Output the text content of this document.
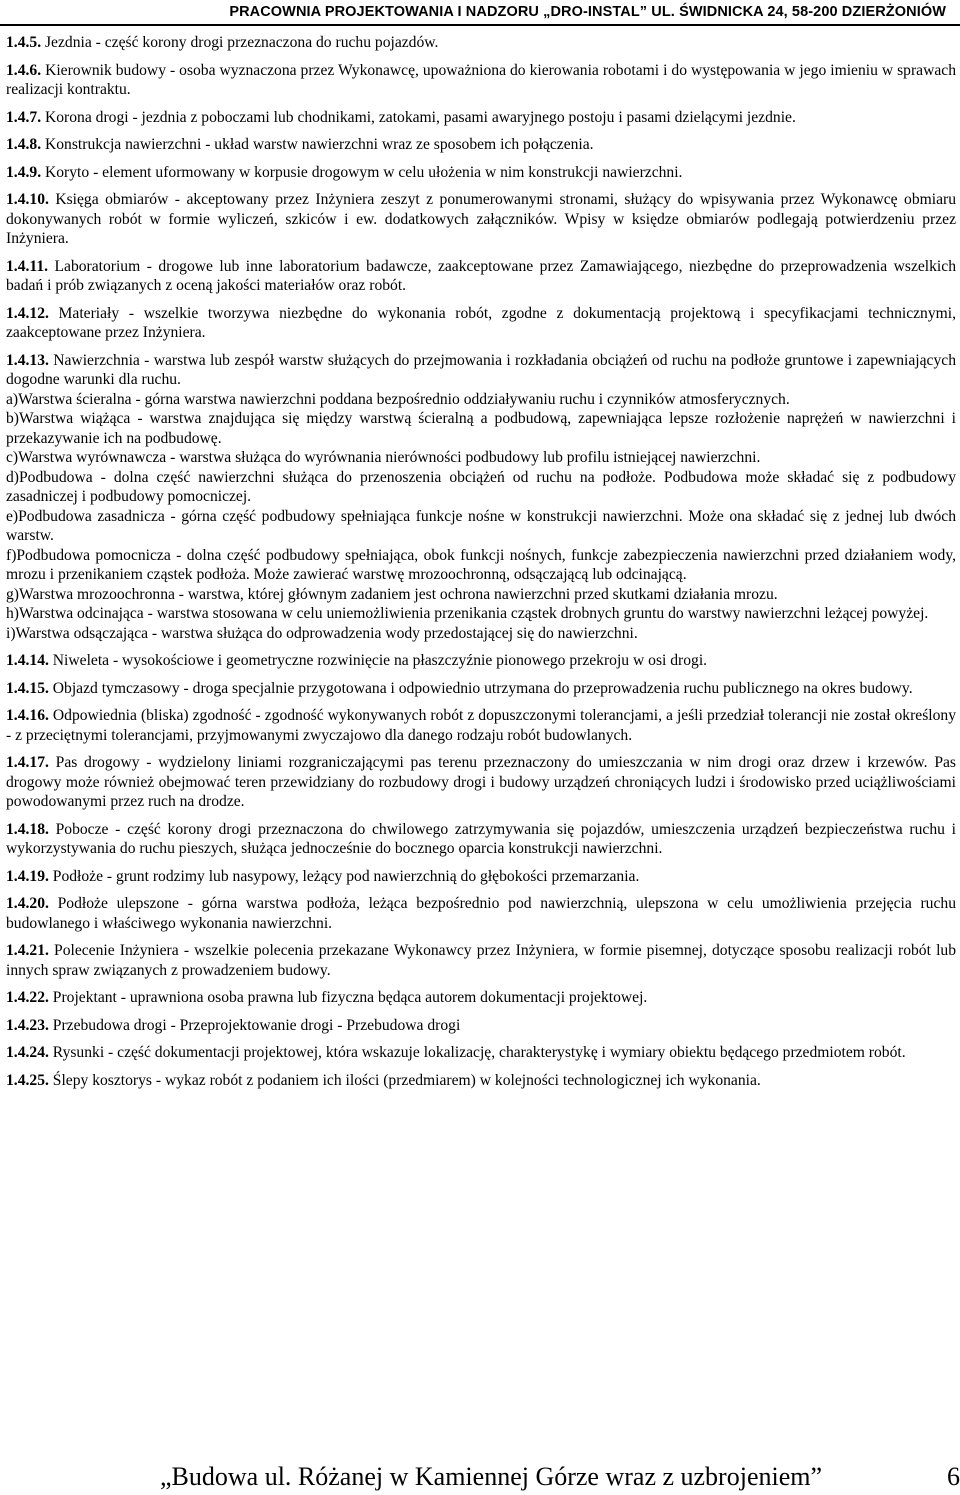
PRACOWNIA PROJEKTOWANIA I NADZORU „DRO-INSTAL” UL. ŚWIDNICKA 24, 58-200 DZIERŻONIÓW

1.4.5. Jezdnia - część korony drogi przeznaczona do ruchu pojazdów.

1.4.6. Kierownik budowy - osoba wyznaczona przez Wykonawcę, upoważniona do kierowania robotami i do występowania w jego imieniu w sprawach realizacji kontraktu.

1.4.7. Korona drogi - jezdnia z poboczami lub chodnikami, zatokami, pasami awaryjnego postoju i pasami dzielącymi jezdnie.

1.4.8. Konstrukcja nawierzchni - układ warstw nawierzchni wraz ze sposobem ich połączenia.

1.4.9. Koryto - element uformowany w korpusie drogowym w celu ułożenia w nim konstrukcji nawierzchni.

1.4.10. Księga obmiarów - akceptowany przez Inżyniera zeszyt z ponumerowanymi stronami, służący do wpisywania przez Wykonawcę obmiaru dokonywanych robót w formie wyliczeń, szkiców i ew. dodatkowych załączników. Wpisy w księdze obmiarów podlegają potwierdzeniu przez Inżyniera.

1.4.11. Laboratorium - drogowe lub inne laboratorium badawcze, zaakceptowane przez Zamawiającego, niezbędne do przeprowadzenia wszelkich badań i prób związanych z oceną jakości materiałów oraz robót.

1.4.12. Materiały - wszelkie tworzywa niezbędne do wykonania robót, zgodne z dokumentacją projektową i specyfikacjami technicznymi, zaakceptowane przez Inżyniera.

1.4.13. Nawierzchnia - warstwa lub zespół warstw służących do przejmowania i rozkładania obciążeń od ruchu na podłoże gruntowe i zapewniających dogodne warunki dla ruchu.

a)Warstwa ścieralna - górna warstwa nawierzchni poddana bezpośrednio oddziaływaniu ruchu i czynników atmosferycznych.

b)Warstwa wiążąca - warstwa znajdująca się między warstwą ścieralną a podbudową, zapewniająca lepsze rozłożenie naprężeń w nawierzchni i przekazywanie ich na podbudowę.

c)Warstwa wyrównawcza - warstwa służąca do wyrównania nierówności podbudowy lub profilu istniejącej nawierzchni.

d)Podbudowa - dolna część nawierzchni służąca do przenoszenia obciążeń od ruchu na podłoże. Podbudowa może składać się z podbudowy zasadniczej i podbudowy pomocniczej.

e)Podbudowa zasadnicza - górna część podbudowy spełniająca funkcje nośne w konstrukcji nawierzchni. Może ona składać się z jednej lub dwóch warstw.

f)Podbudowa pomocnicza - dolna część podbudowy spełniająca, obok funkcji nośnych, funkcje zabezpieczenia nawierzchni przed działaniem wody, mrozu i przenikaniem cząstek podłoża. Może zawierać warstwę mrozoochronną, odsączającą lub odcinającą.

g)Warstwa mrozoochronna - warstwa, której głównym zadaniem jest ochrona nawierzchni przed skutkami działania mrozu.

h)Warstwa odcinająca - warstwa stosowana w celu uniemożliwienia przenikania cząstek drobnych gruntu do warstwy nawierzchni leżącej powyżej.

i)Warstwa odsączająca - warstwa służąca do odprowadzenia wody przedostającej się do nawierzchni.

1.4.14. Niweleta - wysokościowe i geometryczne rozwinięcie na płaszczyźnie pionowego przekroju w osi drogi.

1.4.15. Objazd tymczasowy - droga specjalnie przygotowana i odpowiednio utrzymana do przeprowadzenia ruchu publicznego na okres budowy.

1.4.16. Odpowiednia (bliska) zgodność - zgodność wykonywanych robót z dopuszczonymi tolerancjami, a jeśli przedział tolerancji nie został określony - z przeciętnymi tolerancjami, przyjmowanymi zwyczajowo dla danego rodzaju robót budowlanych.

1.4.17. Pas drogowy - wydzielony liniami rozgraniczającymi pas terenu przeznaczony do umieszczania w nim drogi oraz drzew i krzewów. Pas drogowy może również obejmować teren przewidziany do rozbudowy drogi i budowy urządzeń chroniących ludzi i środowisko przed uciążliwościami powodowanymi przez ruch na drodze.

1.4.18. Pobocze - część korony drogi przeznaczona do chwilowego zatrzymywania się pojazdów, umieszczenia urządzeń bezpieczeństwa ruchu i wykorzystywania do ruchu pieszych, służąca jednocześnie do bocznego oparcia konstrukcji nawierzchni.

1.4.19. Podłoże - grunt rodzimy lub nasypowy, leżący pod nawierzchnią do głębokości przemarzania.

1.4.20. Podłoże ulepszone - górna warstwa podłoża, leżąca bezpośrednio pod nawierzchnią, ulepszona w celu umożliwienia przejęcia ruchu budowlanego i właściwego wykonania nawierzchni.

1.4.21. Polecenie Inżyniera - wszelkie polecenia przekazane Wykonawcy przez Inżyniera, w formie pisemnej, dotyczące sposobu realizacji robót lub innych spraw związanych z prowadzeniem budowy.

1.4.22. Projektant - uprawniona osoba prawna lub fizyczna będąca autorem dokumentacji projektowej.

1.4.23. Przebudowa drogi - Przeprojektowanie drogi - Przebudowa drogi

1.4.24. Rysunki - część dokumentacji projektowej, która wskazuje lokalizację, charakterystykę i wymiary obiektu będącego przedmiotem robót.

1.4.25. Ślepy kosztorys - wykaz robót z podaniem ich ilości (przedmiarem) w kolejności technologicznej ich wykonania.

„Budowa ul. Różanej w Kamiennej Górze wraz z uzbrojeniem”	6
